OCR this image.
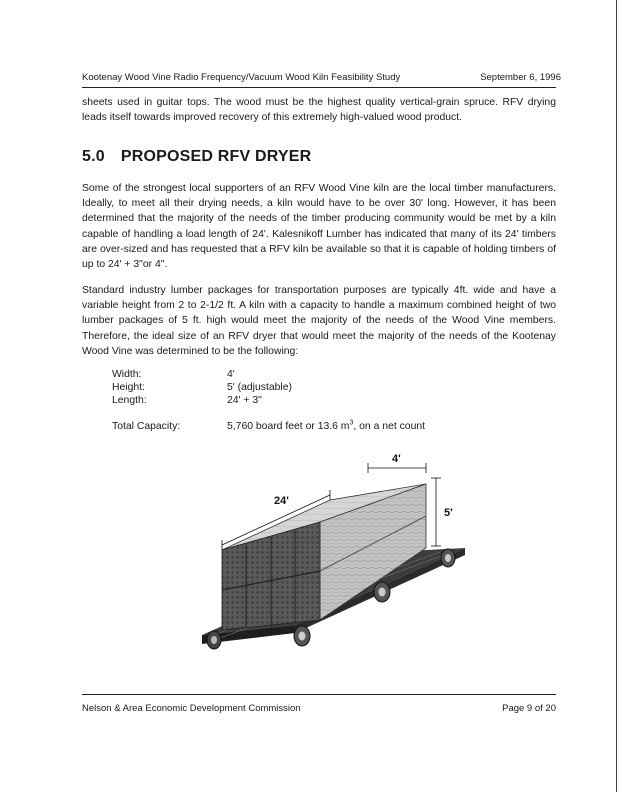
Kootenay Wood Vine Radio Frequency/Vacuum Wood Kiln Feasibility Study	September 6, 1996

sheets used in guitar tops. The wood must be the highest quality vertical-grain spruce. RFV drying leads itself towards improved recovery of this extremely high-valued wood product.

5.0 PROPOSED RFV DRYER

Some of the strongest local supporters of an RFV Wood Vine kiln are the local timber manufacturers. Ideally, to meet all their drying needs, a kiln would have to be over 30' long. However, it has been determined that the majority of the needs of the timber producing community would be met by a kiln capable of handling a load length of 24'. Kalesnikoff Lumber has indicated that many of its 24' timbers are over-sized and has requested that a RFV kiln be available so that it is capable of holding timbers of up to 24' + 3"or 4".

Standard industry lumber packages for transportation purposes are typically 4ft. wide and have a variable height from 2 to 2-1/2 ft. A kiln with a capacity to handle a maximum combined height of two lumber packages of 5 ft. high would meet the majority of the needs of the Wood Vine members. Therefore, the ideal size of an RFV dryer that would meet the majority of the needs of the Kootenay Wood Vine was determined to be the following:

Width:	4'
Height:	5' (adjustable)
Length:	24' + 3"
Total Capacity:	5,760 board feet or 13.6 $m^3$, on a net count
24'
4'
5'
Nelson & Area Economic Development Commission	Page 9 of 20
